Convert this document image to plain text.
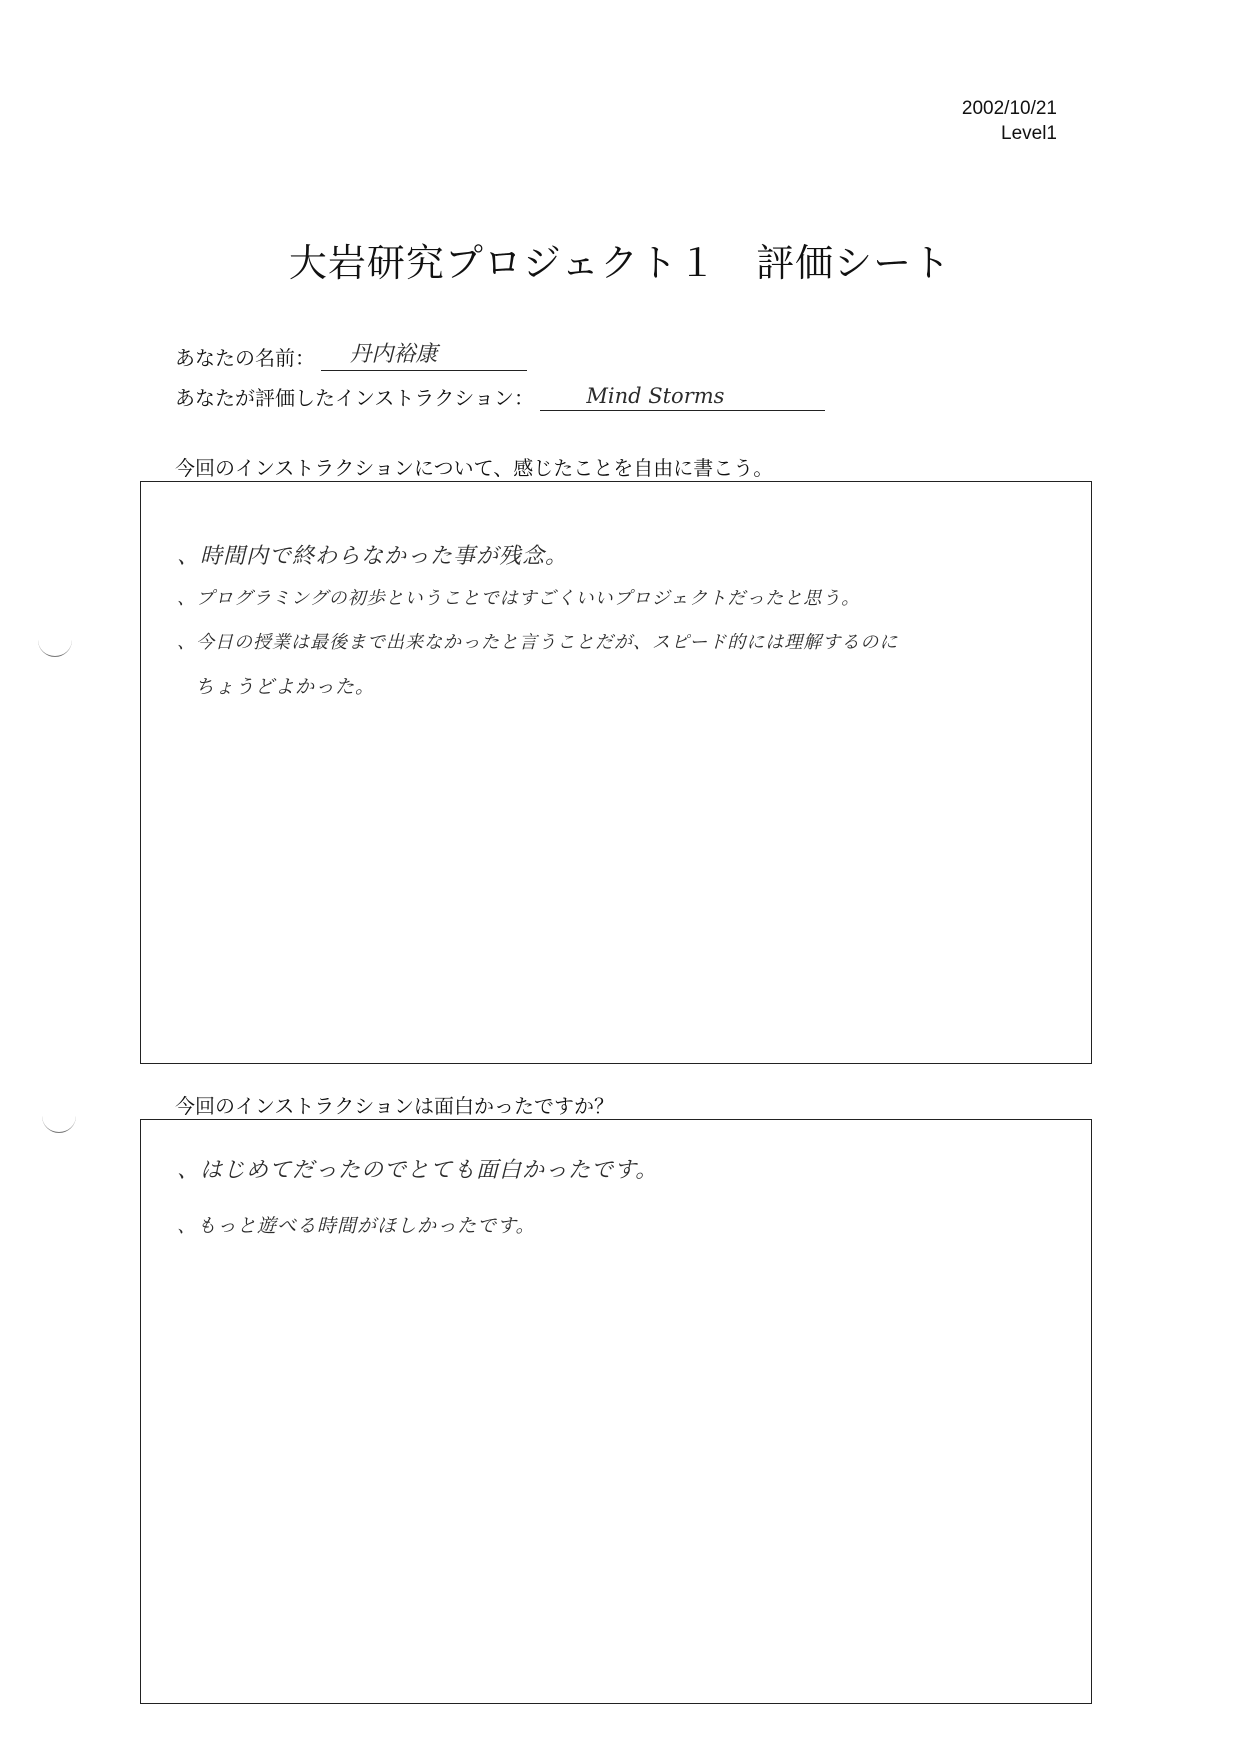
2002/10/21
Level1
大岩研究プロジェクト１　評価シート
あなたの名前： 丹内裕康
あなたが評価したインストラクション： Mind Storms
今回のインストラクションについて、感じたことを自由に書こう。
、時間内で終わらなかった事が残念。
、プログラミングの初歩ということではすごくいいプロジェクトだったと思う。
、今日の授業は最後まで出来なかったと言うことだが、スピード的には理解するのに
ちょうどよかった。
今回のインストラクションは面白かったですか？
、はじめてだったのでとても面白かったです。
、もっと遊べる時間がほしかったです。
